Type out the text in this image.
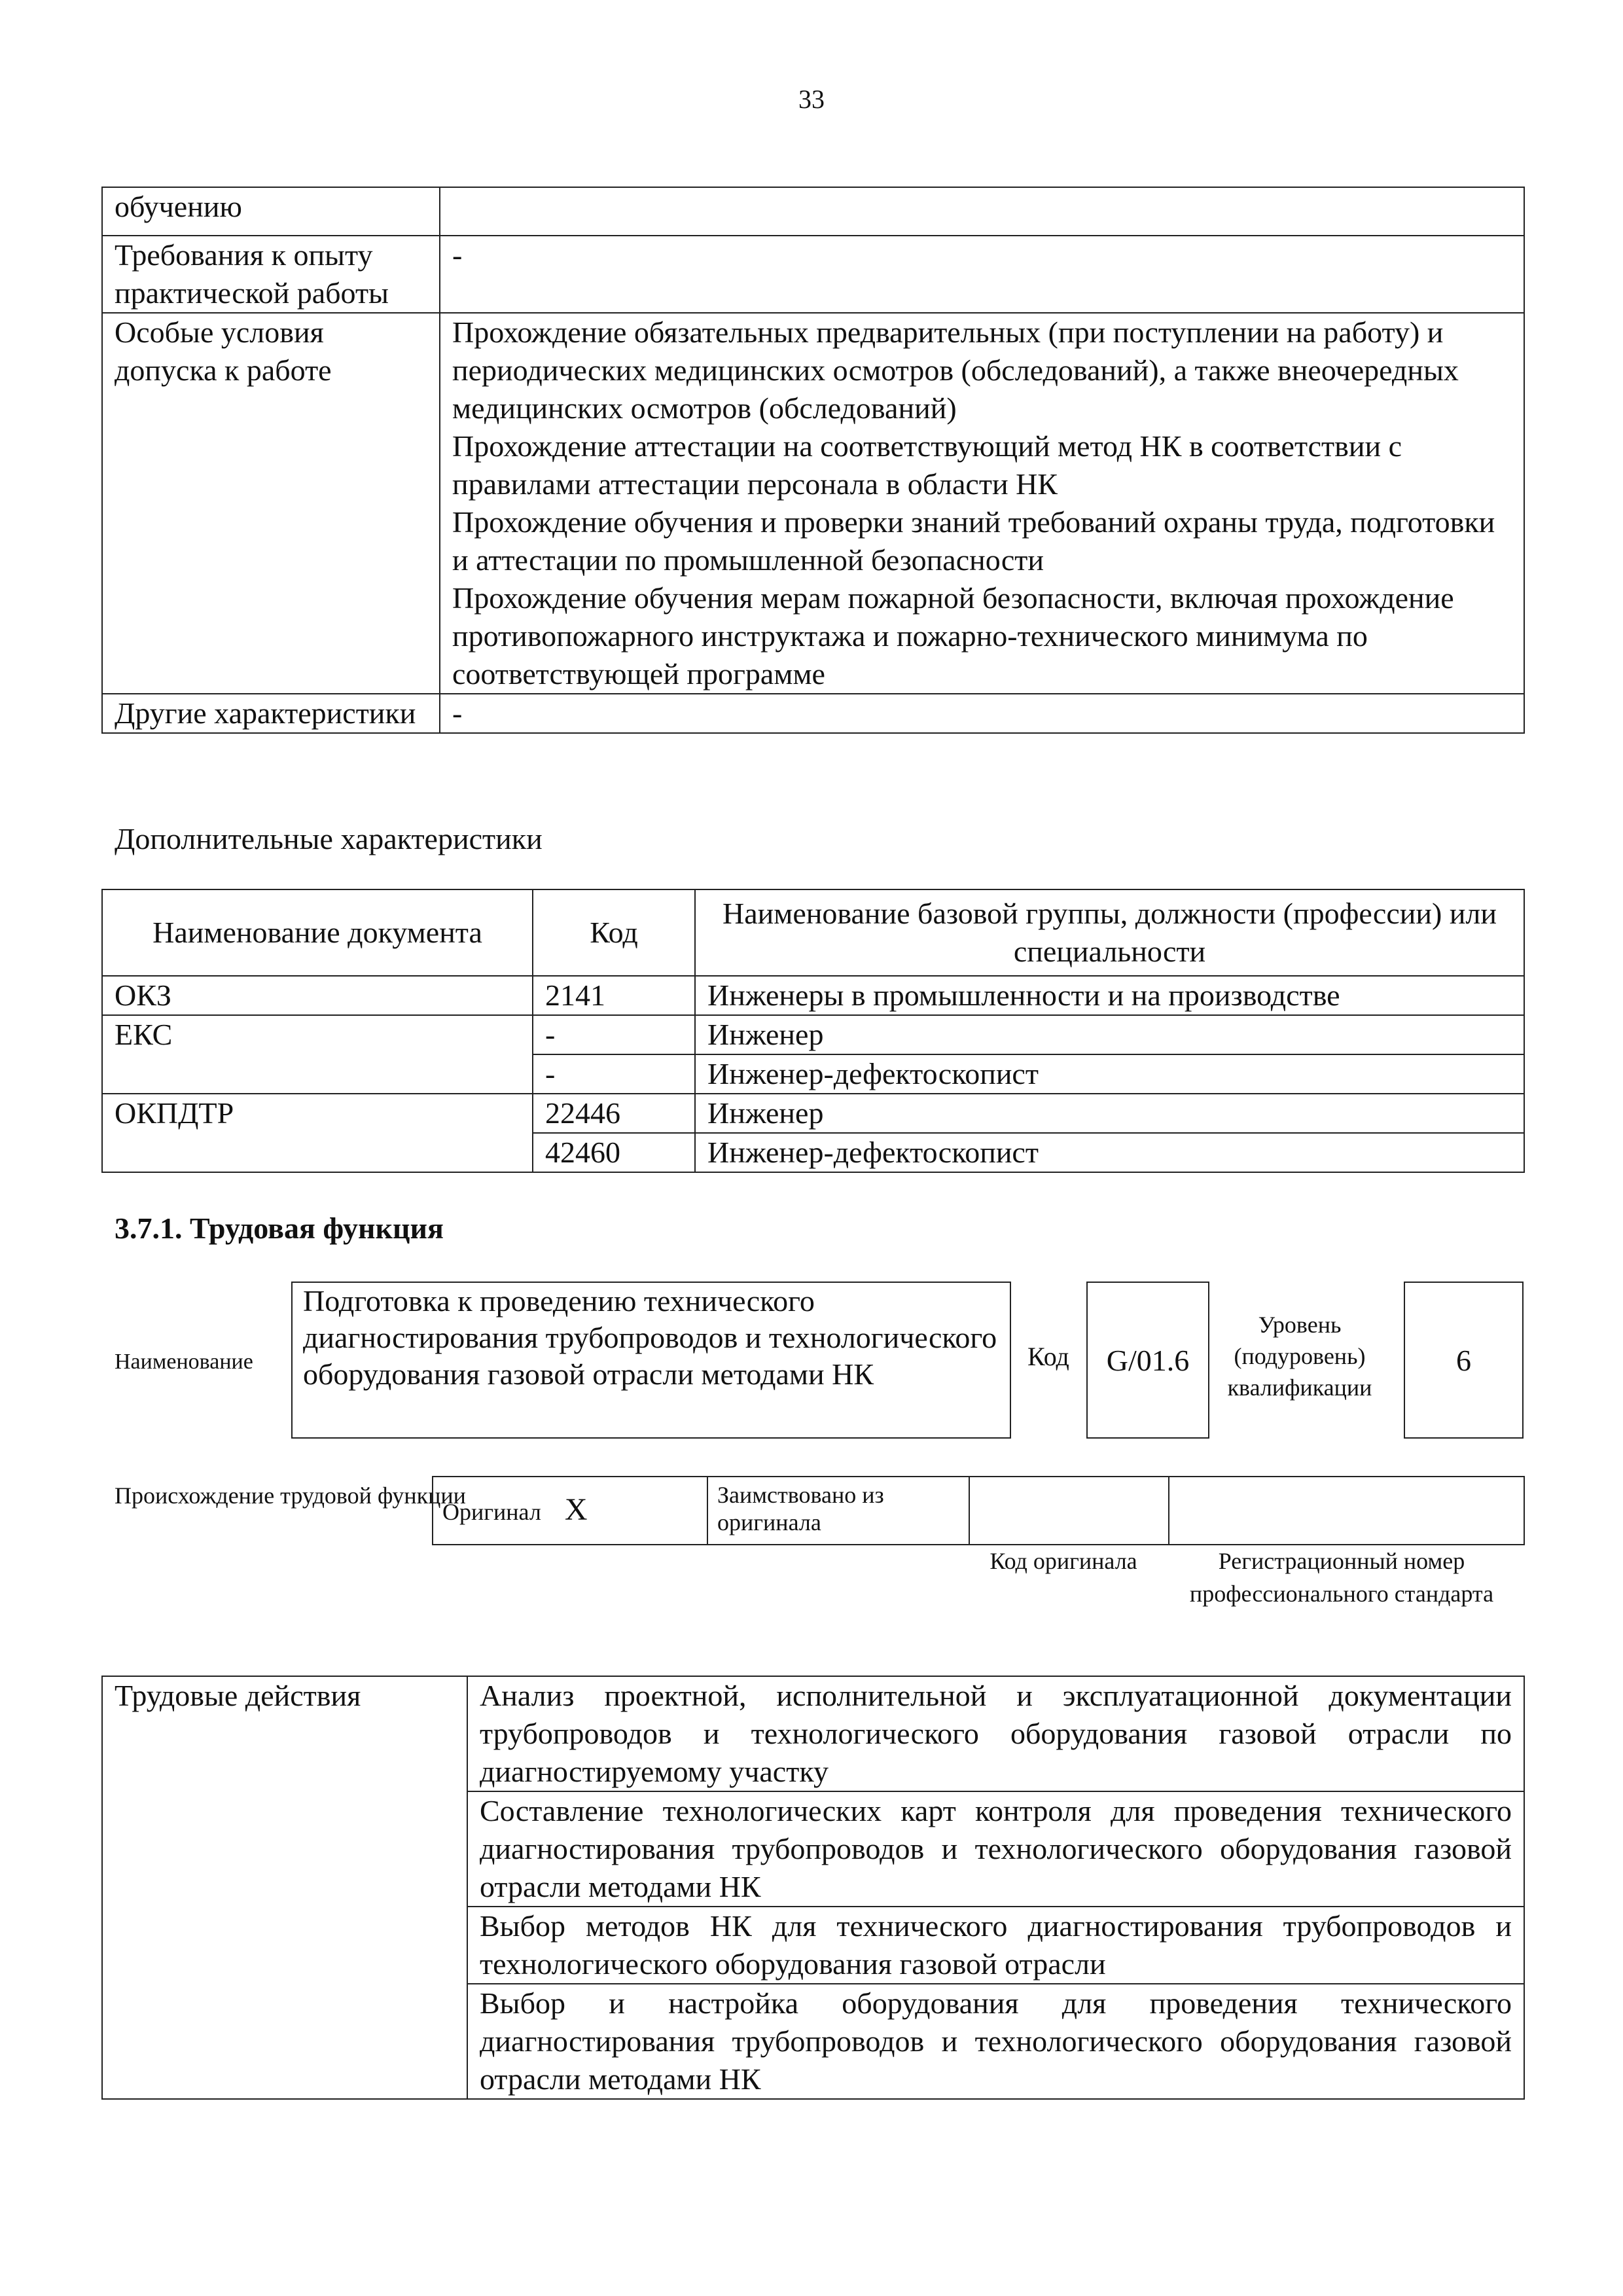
33
обучению	
Требования к опыту практической работы	-
Особые условия допуска к работе	Прохождение обязательных предварительных (при поступлении на работу) и периодических медицинских осмотров (обследований), а также внеочередных медицинских осмотров (обследований)
Прохождение аттестации на соответствующий метод НК в соответствии с правилами аттестации персонала в области НК
Прохождение обучения и проверки знаний требований охраны труда, подготовки и аттестации по промышленной безопасности
Прохождение обучения мерам пожарной безопасности, включая прохождение противопожарного инструктажа и пожарно-технического минимума по соответствующей программе

Другие характеристики	-
Дополнительные характеристики
Наименование документа	Код	Наименование базовой группы, должности (профессии) или специальности
ОКЗ	2141	Инженеры в промышленности и на производстве
ЕКС	-	Инженер
	-	Инженер-дефектоскопист
ОКПДТР	22446	Инженер
	42460	Инженер-дефектоскопист
3.7.1. Трудовая функция
Наименование
Подготовка к проведению технического диагностирования трубопроводов и технологического оборудования газовой отрасли методами НК
Код	G/01.6
Уровень (подуровень) квалификации
6
Происхождение трудовой функции
Оригинал X	Заимствовано из оригинала		
Код оригинала	Регистрационный номер профессионального стандарта
Трудовые действия	Анализ проектной, исполнительной и эксплуатационной документации трубопроводов и технологического оборудования газовой отрасли по диагностируемому участку
Составление технологических карт контроля для проведения технического диагностирования трубопроводов и технологического оборудования газовой отрасли методами НК
Выбор методов НК для технического диагностирования трубопроводов и технологического оборудования газовой отрасли
Выбор и настройка оборудования для проведения технического диагностирования трубопроводов и технологического оборудования газовой отрасли методами НК
